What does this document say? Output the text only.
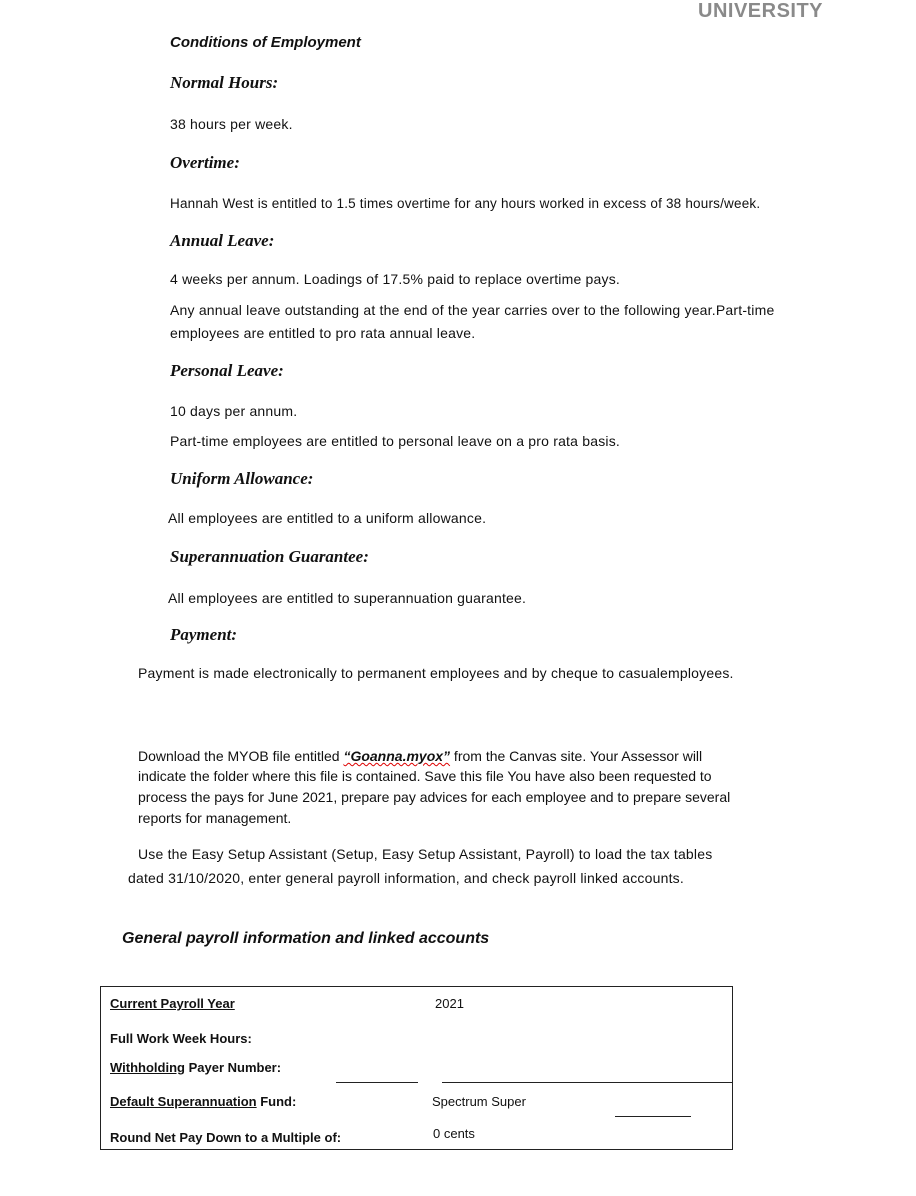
UNIVERSITY
Conditions of Employment
Normal Hours:
38 hours per week.
Overtime:
Hannah West is entitled to 1.5 times overtime for any hours worked in excess of 38 hours/week.
Annual Leave:
4 weeks per annum. Loadings of 17.5% paid to replace overtime pays.
Any annual leave outstanding at the end of the year carries over to the following year.Part-time
employees are entitled to pro rata annual leave.
Personal Leave:
10 days per annum.
Part-time employees are entitled to personal leave on a pro rata basis.
Uniform Allowance:
All employees are entitled to a uniform allowance.
Superannuation Guarantee:
All employees are entitled to superannuation guarantee.
Payment:
Payment is made electronically to permanent employees and by cheque to casualemployees.
Download the MYOB file entitled “Goanna.myox” from the Canvas site. Your Assessor will
indicate the folder where this file is contained. Save this file You have also been requested to
process the pays for June 2021, prepare pay advices for each employee and to prepare several
reports for management.
Use the Easy Setup Assistant (Setup, Easy Setup Assistant, Payroll) to load the tax tables
dated 31/10/2020, enter general payroll information, and check payroll linked accounts.
General payroll information and linked accounts
Current Payroll Year	2021
Full Work Week Hours:
Withholding Payer Number:
Default Superannuation Fund:	Spectrum Super
Round Net Pay Down to a Multiple of:	0 cents
